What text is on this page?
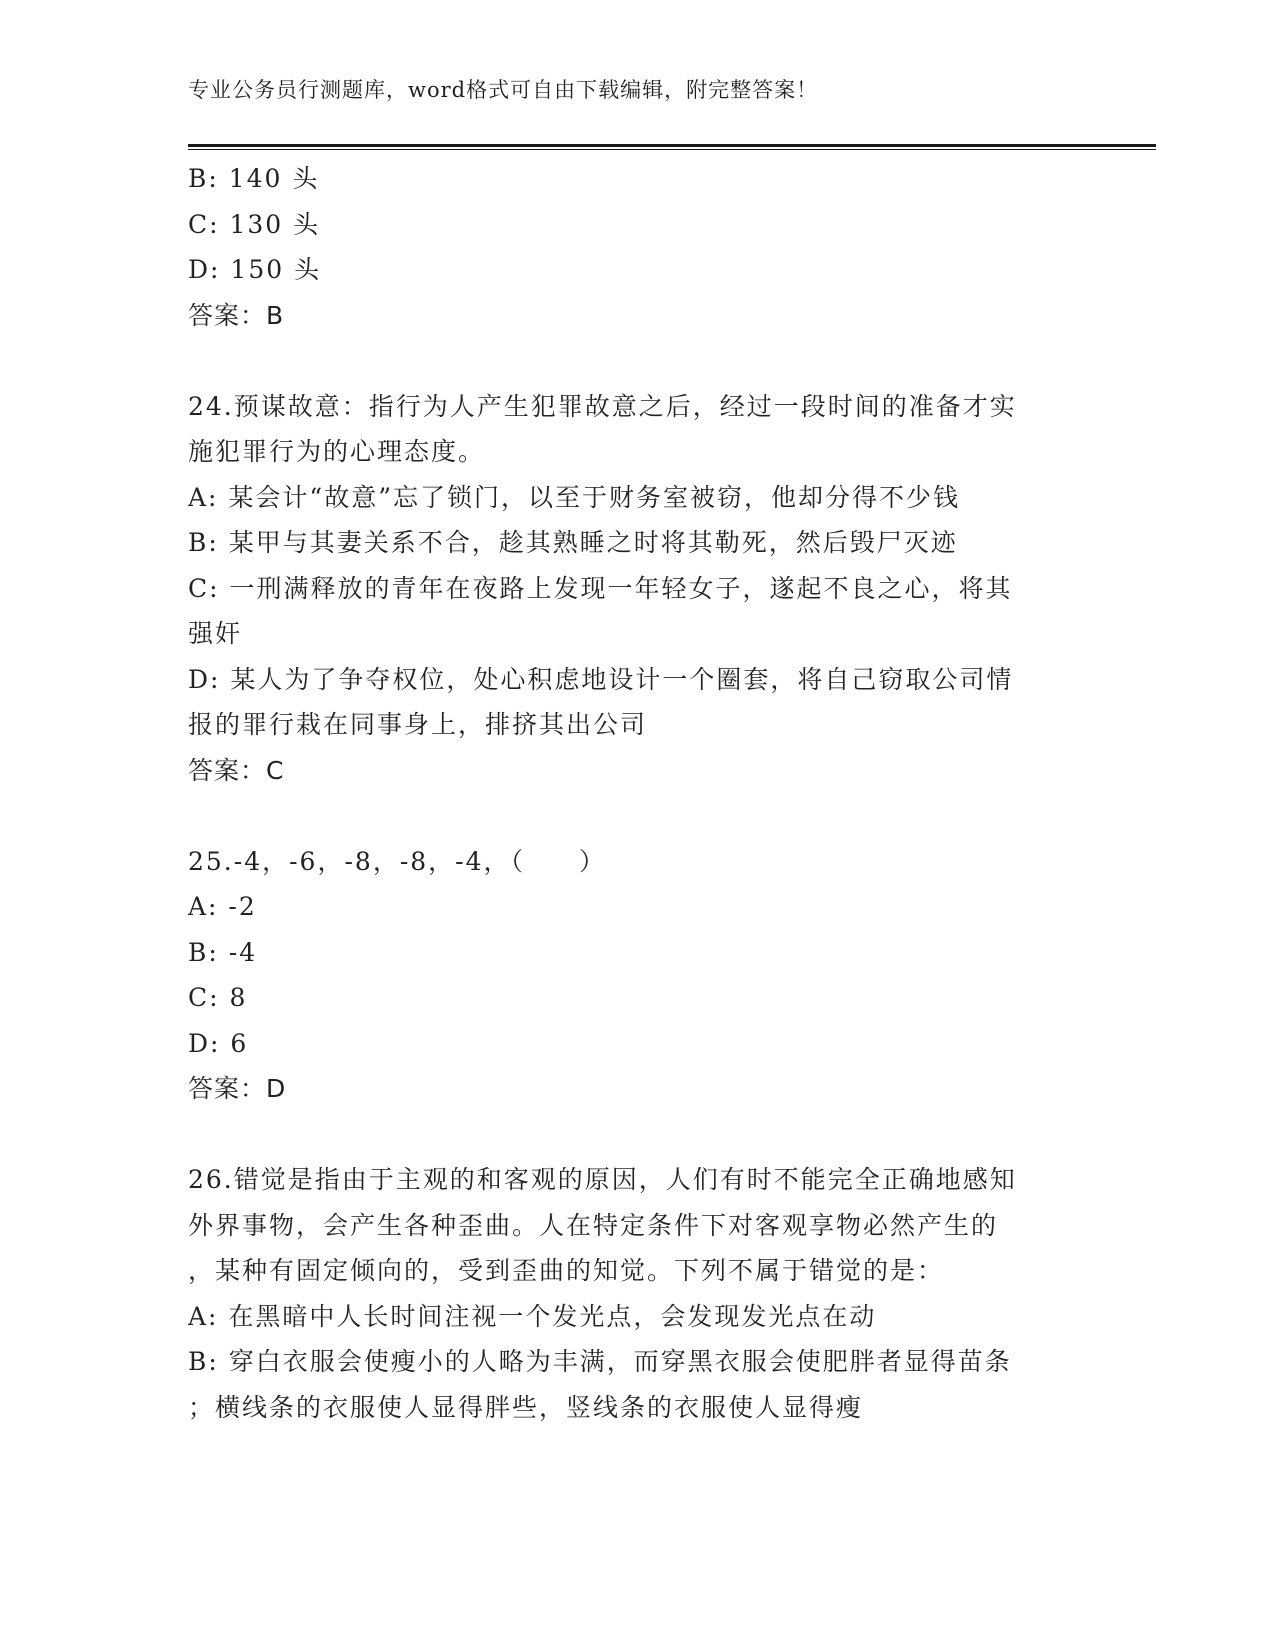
专业公务员行测题库，word格式可自由下载编辑，附完整答案！
B: 140 头
C: 130 头
D: 150 头
答案：B
24.预谋故意：指行为人产生犯罪故意之后，经过一段时间的准备才实
施犯罪行为的心理态度。
A: 某会计“故意”忘了锁门，以至于财务室被窃，他却分得不少钱
B: 某甲与其妻关系不合，趁其熟睡之时将其勒死，然后毁尸灭迹
C: 一刑满释放的青年在夜路上发现一年轻女子，遂起不良之心，将其
强奸
D: 某人为了争夺权位，处心积虑地设计一个圈套，将自己窃取公司情
报的罪行栽在同事身上，排挤其出公司
答案：C
25.-4，-6，-8，-8，-4，（　　）
A: -2
B: -4
C: 8
D: 6
答案：D
26.错觉是指由于主观的和客观的原因，人们有时不能完全正确地感知
外界事物，会产生各种歪曲。人在特定条件下对客观享物必然产生的
，某种有固定倾向的，受到歪曲的知觉。下列不属于错觉的是：
A: 在黑暗中人长时间注视一个发光点，会发现发光点在动
B: 穿白衣服会使瘦小的人略为丰满，而穿黑衣服会使肥胖者显得苗条
；横线条的衣服使人显得胖些，竖线条的衣服使人显得瘦
